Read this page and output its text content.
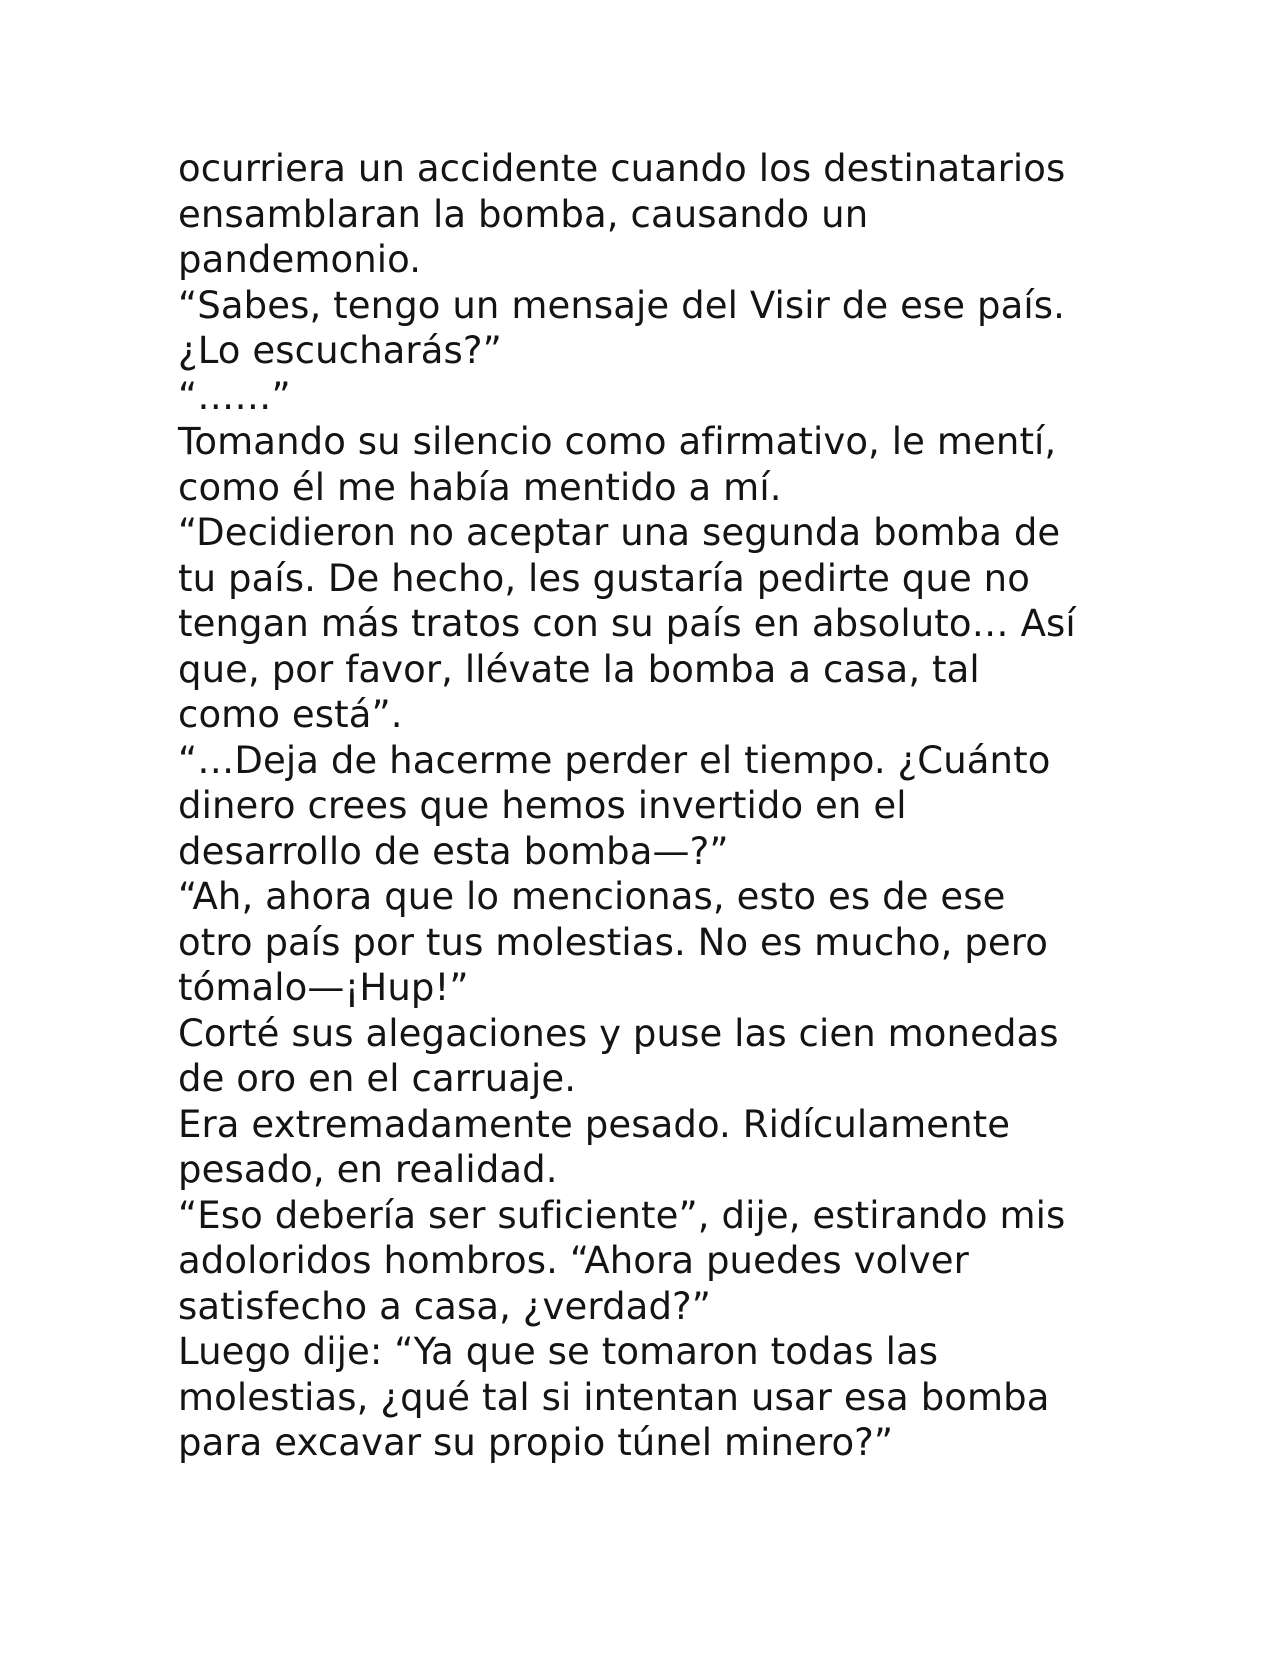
ocurriera un accidente cuando los destinatarios
ensamblaran la bomba, causando un
pandemonio.
“Sabes, tengo un mensaje del Visir de ese país.
¿Lo escucharás?”
“……”
Tomando su silencio como afirmativo, le mentí,
como él me había mentido a mí.
“Decidieron no aceptar una segunda bomba de
tu país. De hecho, les gustaría pedirte que no
tengan más tratos con su país en absoluto… Así
que, por favor, llévate la bomba a casa, tal
como está”.
“…Deja de hacerme perder el tiempo. ¿Cuánto
dinero crees que hemos invertido en el
desarrollo de esta bomba—?”
“Ah, ahora que lo mencionas, esto es de ese
otro país por tus molestias. No es mucho, pero
tómalo—¡Hup!”
Corté sus alegaciones y puse las cien monedas
de oro en el carruaje.
Era extremadamente pesado. Ridículamente
pesado, en realidad.
“Eso debería ser suficiente”, dije, estirando mis
adoloridos hombros. “Ahora puedes volver
satisfecho a casa, ¿verdad?”
Luego dije: “Ya que se tomaron todas las
molestias, ¿qué tal si intentan usar esa bomba
para excavar su propio túnel minero?”
